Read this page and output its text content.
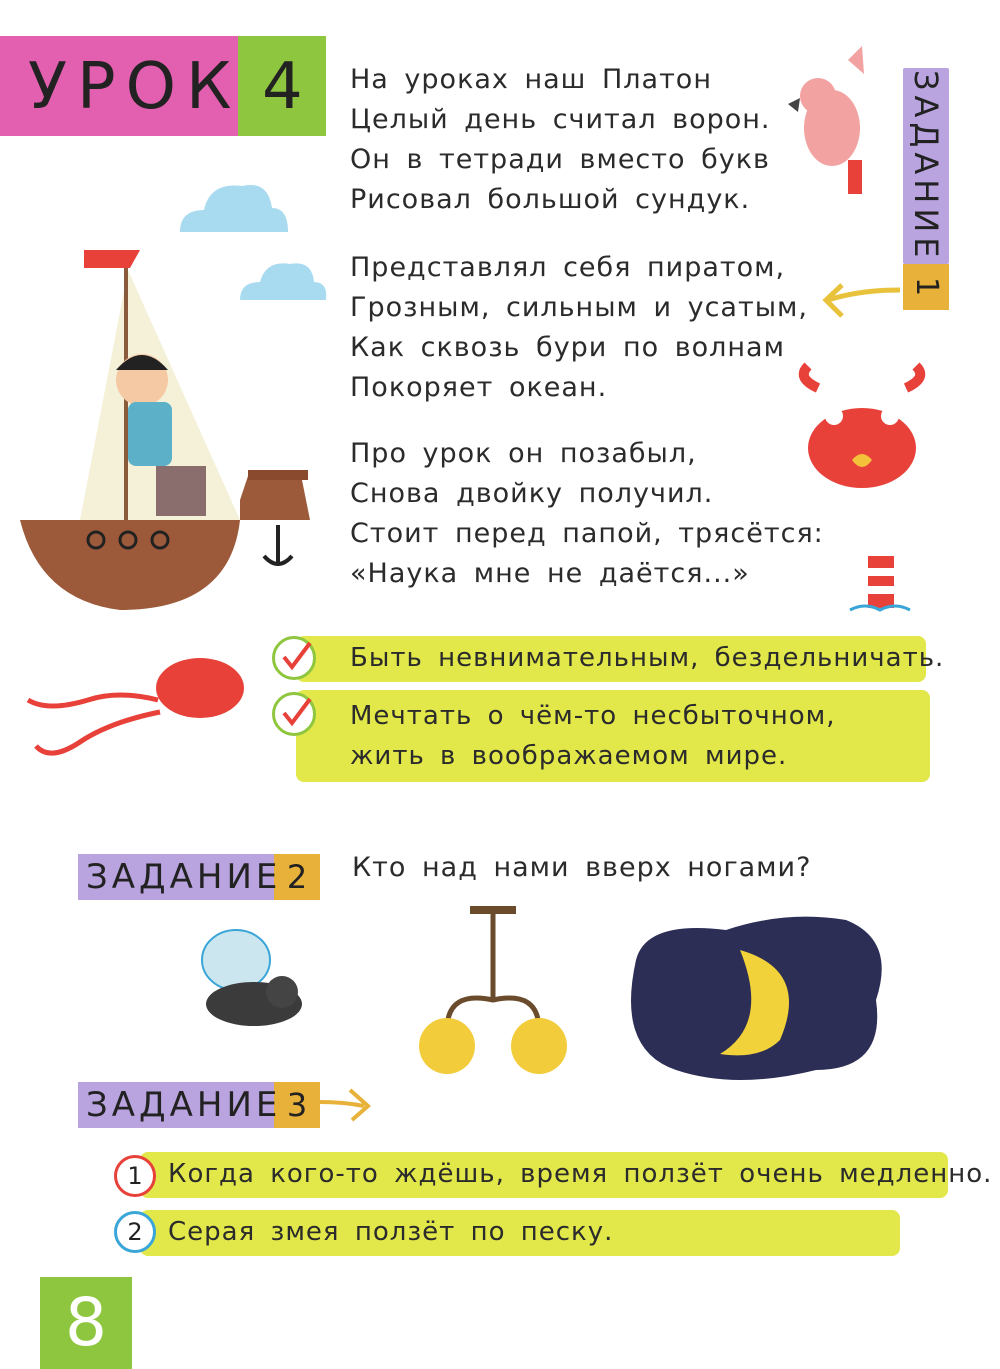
УРОК 4 На уроках наш Платон
Целый день считал ворон.
Он в тетради вместо букв
Рисовал большой сундук.
Представлял себя пиратом,
Грозным, сильным и усатым,
Как сквозь бури по волнам
Покоряет океан.
Про урок он позабыл,
Снова двойку получил.
Стоит перед папой, трясётся:
«Наука мне не даётся...»
ЗАДАНИЕ
1
Быть невнимательным, бездельничать.
Мечтать о чём-то несбыточном,
жить в воображаемом мире.
ЗАДАНИЕ 2	Кто над нами вверх ногами?
ЗАДАНИЕ 3
1
2
Когда кого-то ждёшь, время ползёт очень медленно.
Серая змея ползёт по песку.
8
